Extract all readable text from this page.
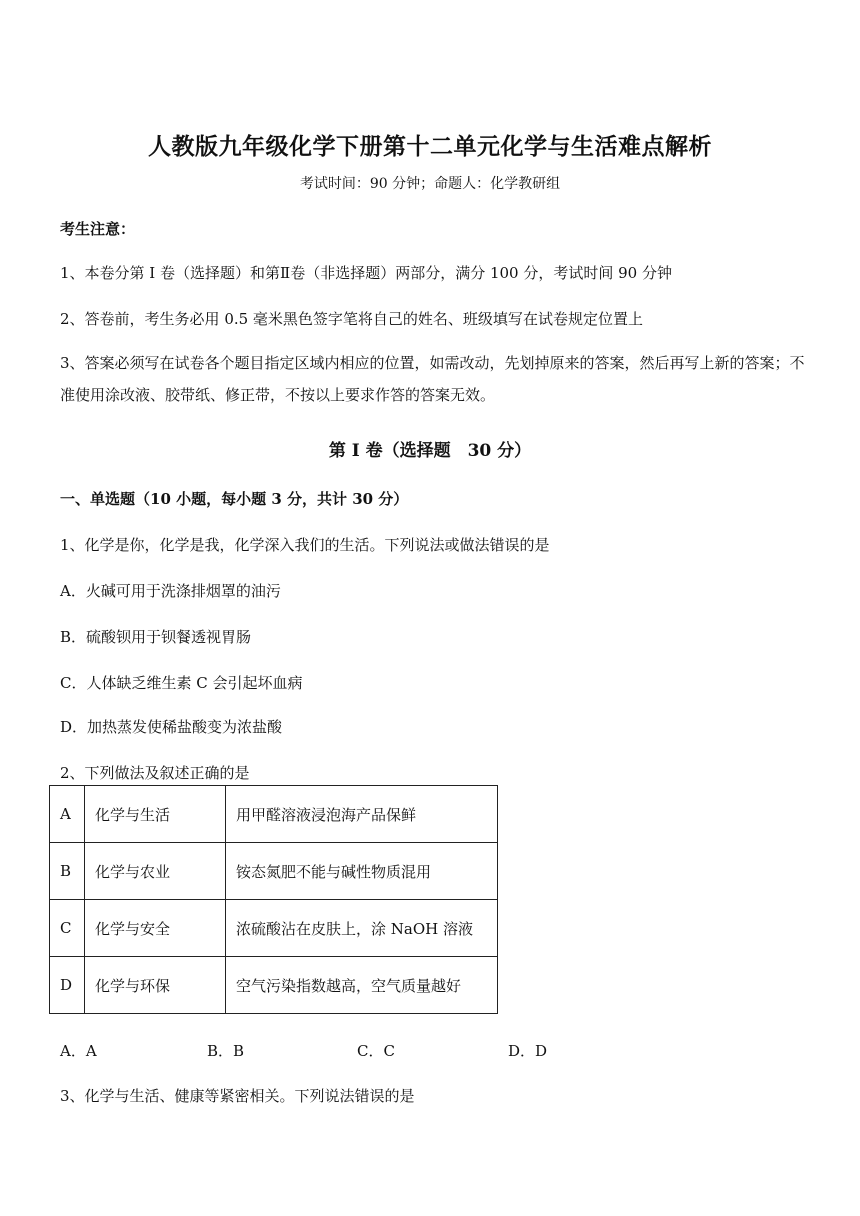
人教版九年级化学下册第十二单元化学与生活难点解析
考试时间：90 分钟；命题人：化学教研组
考生注意：
1、本卷分第 I 卷（选择题）和第Ⅱ卷（非选择题）两部分，满分 100 分，考试时间 90 分钟
2、答卷前，考生务必用 0.5 毫米黑色签字笔将自己的姓名、班级填写在试卷规定位置上
3、答案必须写在试卷各个题目指定区域内相应的位置，如需改动，先划掉原来的答案，然后再写上新的答案；不准使用涂改液、胶带纸、修正带，不按以上要求作答的答案无效。
第 I 卷（选择题　30 分）
一、单选题（10 小题，每小题 3 分，共计 30 分）
1、化学是你，化学是我，化学深入我们的生活。下列说法或做法错误的是
A．火碱可用于洗涤排烟罩的油污
B．硫酸钡用于钡餐透视胃肠
C．人体缺乏维生素 C 会引起坏血病
D．加热蒸发使稀盐酸变为浓盐酸
2、下列做法及叙述正确的是
A	化学与生活	用甲醛溶液浸泡海产品保鲜
B	化学与农业	铵态氮肥不能与碱性物质混用
C	化学与安全	浓硫酸沾在皮肤上，涂 NaOH 溶液
D	化学与环保	空气污染指数越高，空气质量越好
A．A	B．B	C．C	D．D
3、化学与生活、健康等紧密相关。下列说法错误的是
